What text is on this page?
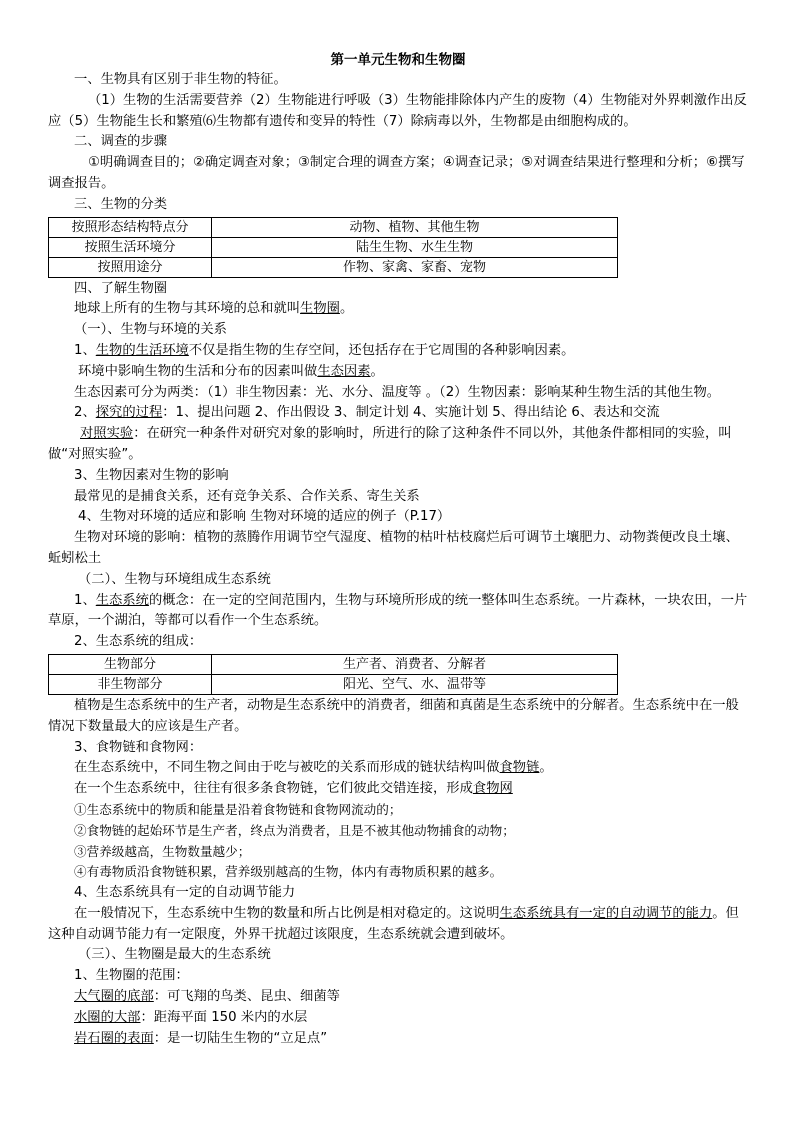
第一单元生物和生物圈

一、生物具有区别于非生物的特征。

（1）生物的生活需要营养（2）生物能进行呼吸（3）生物能排除体内产生的废物（4）生物能对外界刺激作出反应（5）生物能生长和繁殖⑹生物都有遗传和变异的特性（7）除病毒以外，生物都是由细胞构成的。

二、调查的步骤

①明确调查目的；②确定调查对象；③制定合理的调查方案；④调查记录；⑤对调查结果进行整理和分析；⑥撰写调查报告。

三、生物的分类

按照形态结构特点分	动物、植物、其他生物
按照生活环境分	陆生生物、水生生物
按照用途分	作物、家禽、家畜、宠物

四、了解生物圈

地球上所有的生物与其环境的总和就叫生物圈。

（一）、生物与环境的关系

1、生物的生活环境不仅是指生物的生存空间，还包括存在于它周围的各种影响因素。

环境中影响生物的生活和分布的因素叫做生态因素。

生态因素可分为两类：（1）非生物因素：光、水分、温度等 。（2）生物因素：影响某种生物生活的其他生物。

2、探究的过程：1、提出问题 2、作出假设 3、制定计划 4、实施计划 5、得出结论 6、表达和交流

对照实验：在研究一种条件对研究对象的影响时，所进行的除了这种条件不同以外，其他条件都相同的实验，叫做“对照实验”。

3、生物因素对生物的影响

最常见的是捕食关系，还有竞争关系、合作关系、寄生关系

4、生物对环境的适应和影响 生物对环境的适应的例子（P.17）

生物对环境的影响：植物的蒸腾作用调节空气湿度、植物的枯叶枯枝腐烂后可调节土壤肥力、动物粪便改良土壤、蚯蚓松土

（二）、生物与环境组成生态系统

1、生态系统的概念：在一定的空间范围内，生物与环境所形成的统一整体叫生态系统。一片森林，一块农田，一片草原，一个湖泊，等都可以看作一个生态系统。

2、生态系统的组成：

生物部分	生产者、消费者、分解者
非生物部分	阳光、空气、水、温带等

植物是生态系统中的生产者，动物是生态系统中的消费者，细菌和真菌是生态系统中的分解者。生态系统中在一般情况下数量最大的应该是生产者。

3、食物链和食物网：

在生态系统中，不同生物之间由于吃与被吃的关系而形成的链状结构叫做食物链。

在一个生态系统中，往往有很多条食物链，它们彼此交错连接，形成食物网

①生态系统中的物质和能量是沿着食物链和食物网流动的；

②食物链的起始环节是生产者，终点为消费者，且是不被其他动物捕食的动物；

③营养级越高，生物数量越少；

④有毒物质沿食物链积累，营养级别越高的生物，体内有毒物质积累的越多。

4、生态系统具有一定的自动调节能力

在一般情况下，生态系统中生物的数量和所占比例是相对稳定的。这说明生态系统具有一定的自动调节的能力。但这种自动调节能力有一定限度，外界干扰超过该限度，生态系统就会遭到破坏。

（三）、生物圈是最大的生态系统

1、生物圈的范围：

大气圈的底部：可飞翔的鸟类、昆虫、细菌等

水圈的大部：距海平面 150 米内的水层

岩石圈的表面：是一切陆生生物的“立足点”
